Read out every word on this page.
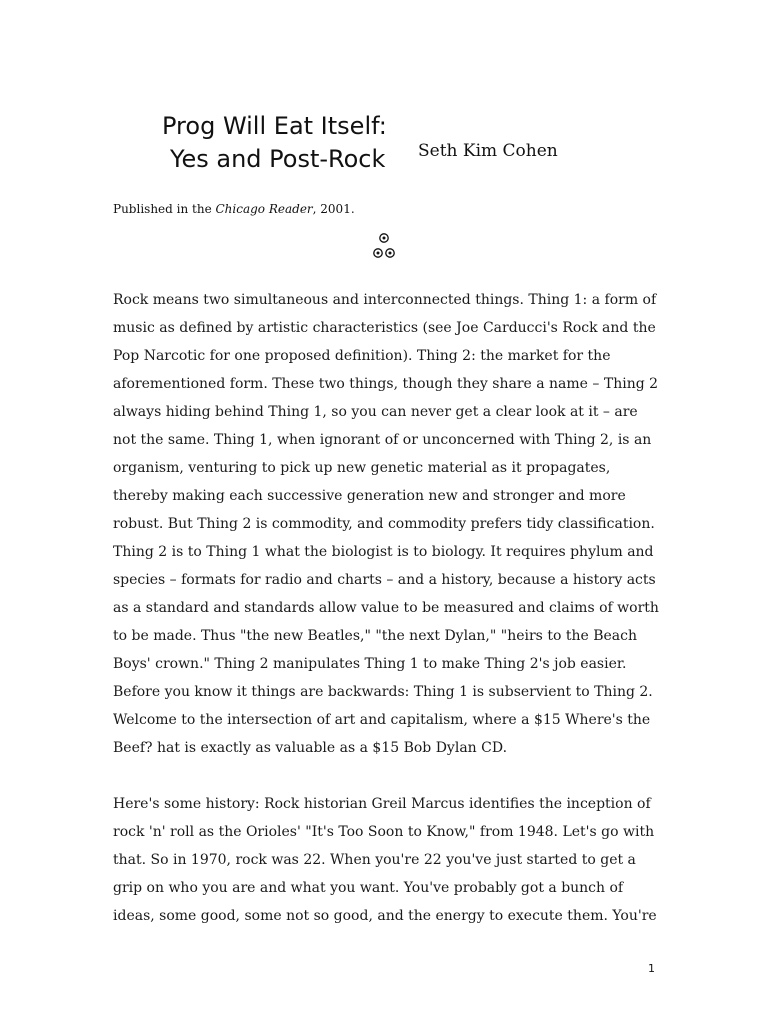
Prog Will Eat Itself:
Yes and Post-Rock Seth Kim Cohen
Published in the Chicago Reader, 2001.

Rock means two simultaneous and interconnected things. Thing 1: a form of music as defined by artistic characteristics (see Joe Carducci's Rock and the Pop Narcotic for one proposed definition). Thing 2: the market for the aforementioned form. These two things, though they share a name – Thing 2 always hiding behind Thing 1, so you can never get a clear look at it – are not the same. Thing 1, when ignorant of or unconcerned with Thing 2, is an organism, venturing to pick up new genetic material as it propagates, thereby making each successive generation new and stronger and more robust. But Thing 2 is commodity, and commodity prefers tidy classification. Thing 2 is to Thing 1 what the biologist is to biology. It requires phylum and species – formats for radio and charts – and a history, because a history acts as a standard and standards allow value to be measured and claims of worth to be made. Thus "the new Beatles," "the next Dylan," "heirs to the Beach Boys' crown." Thing 2 manipulates Thing 1 to make Thing 2's job easier. Before you know it things are backwards: Thing 1 is subservient to Thing 2. Welcome to the intersection of art and capitalism, where a $15 Where's the Beef? hat is exactly as valuable as a $15 Bob Dylan CD.

Here's some history: Rock historian Greil Marcus identifies the inception of rock 'n' roll as the Orioles' "It's Too Soon to Know," from 1948. Let's go with that. So in 1970, rock was 22. When you're 22 you've just started to get a grip on who you are and what you want. You've probably got a bunch of ideas, some good, some not so good, and the energy to execute them. You're

1
